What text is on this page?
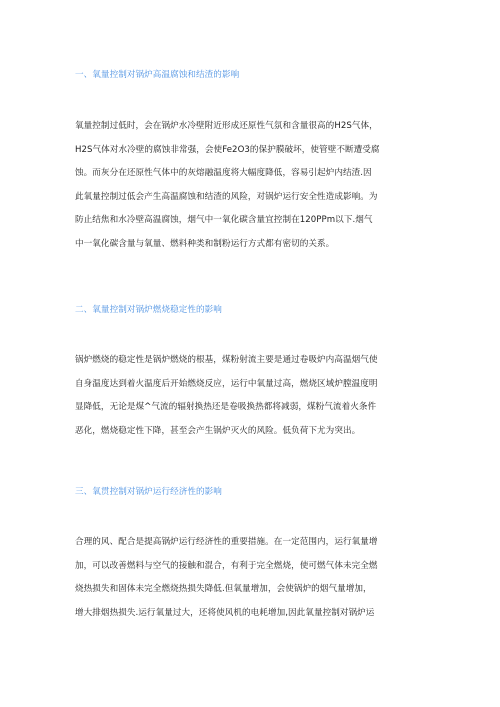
一、氧量控制对锅炉高温腐蚀和结渣的影响
氧量控制过低时，会在锅炉水冷壁附近形成还原性气氛和含量很高的H2S气体，
H2S气体对水冷壁的腐蚀非常强，会使Fe2O3的保护膜破坏，使管壁不断遭受腐
蚀。而灰分在还原性气体中的灰熔融温度将大幅度降低，容易引起炉内结渣.因
此氧量控制过低会产生高温腐蚀和结渣的风险，对锅炉运行安全性造成影响。为
防止结焦和水冷壁高温腐蚀，烟气中一氧化碳含量宜控制在120PPm以下.烟气
中一氧化碳含量与氧量、燃料种类和制粉运行方式都有密切的关系。
二、氧量控制对锅炉燃烧稳定性的影响
锅炉燃烧的稳定性是锅炉燃烧的根基，煤粉射流主要是通过卷吸炉内高温烟气使
自身温度达到着火温度后开始燃烧反应，运行中氧量过高，燃烧区域炉膛温度明
显降低，无论是煤^气流的辐射换热还是卷吸换热都将减弱，煤粉气流着火条件
恶化，燃烧稳定性下降，甚至会产生锅炉灭火的风险。低负荷下尤为突出。
三、氧贯控制对锅炉运行经济性的影响
合理的风、配合是提高锅炉运行经济性的重要措施。在一定范围内，运行氧量增
加，可以改善燃料与空气的接触和混合，有利于完全燃烧，使可燃气体未完全燃
烧热损失和固体未完全燃烧热损失降低.但氧量增加，会使锅炉的烟气量增加，
增大排烟热损失.运行氧量过大，还将使风机的电耗增加,因此氧量控制对锅炉运
